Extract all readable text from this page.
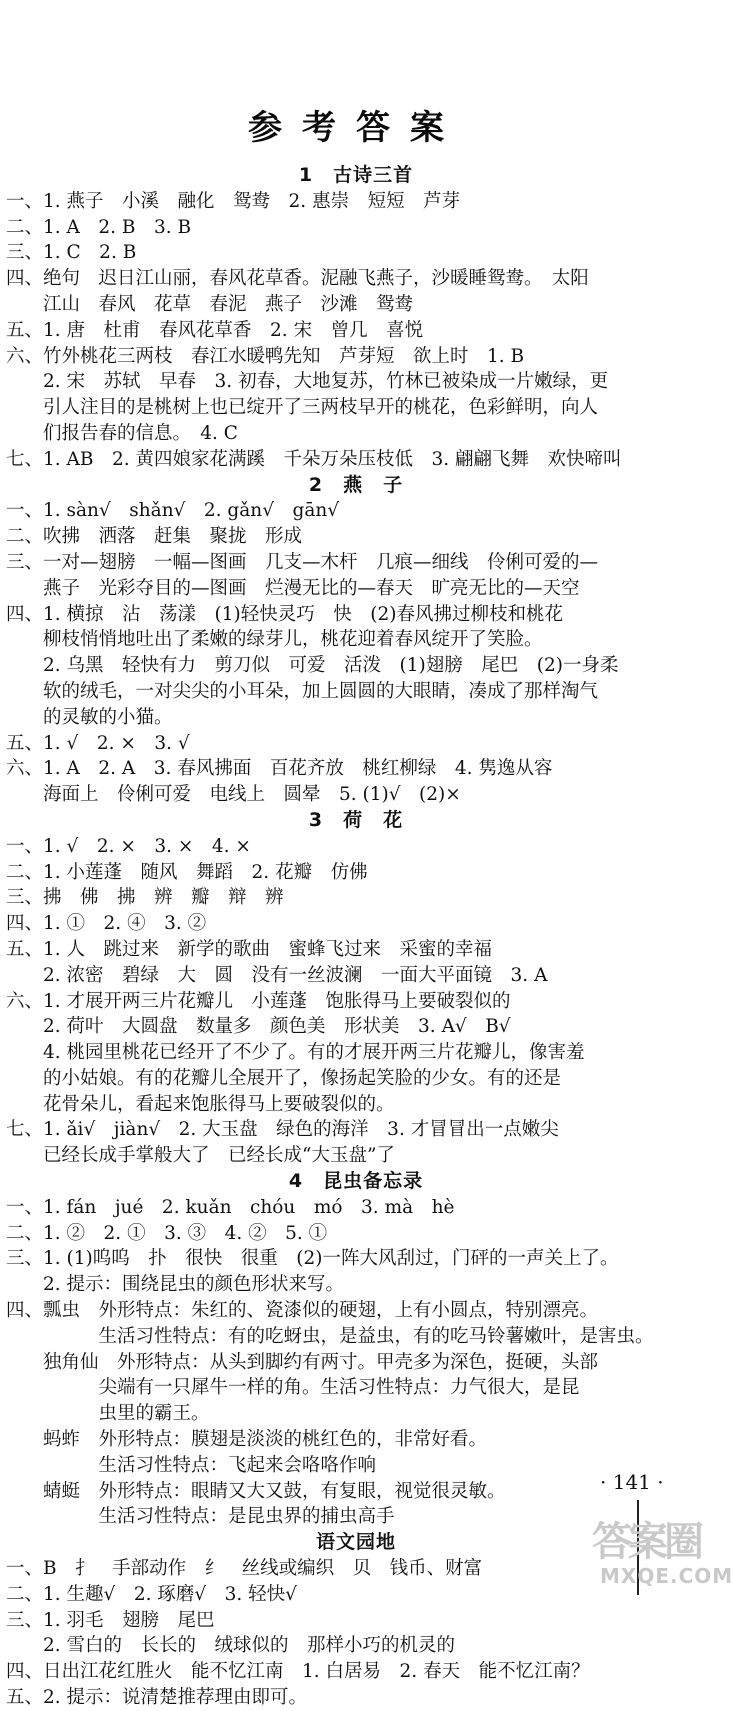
参考答案
1　古诗三首
一、1. 燕子　小溪　融化　鸳鸯　2. 惠崇　短短　芦芽
二、1. A　2. B　3. B
三、1. C　2. B
四、绝句　迟日江山丽，春风花草香。泥融飞燕子，沙暖睡鸳鸯。　太阳
　　江山　春风　花草　春泥　燕子　沙滩　鸳鸯
五、1. 唐　杜甫　春风花草香　2. 宋　曾几　喜悦
六、竹外桃花三两枝　春江水暖鸭先知　芦芽短　欲上时　1. B
　　2. 宋　苏轼　早春　3. 初春，大地复苏，竹林已被染成一片嫩绿，更
　　引人注目的是桃树上也已绽开了三两枝早开的桃花，色彩鲜明，向人
　　们报告春的信息。　4. C
七、1. AB　2. 黄四娘家花满蹊　千朵万朵压枝低　3. 翩翩飞舞　欢快啼叫
2　燕　子
一、1. sàn√　shǎn√　2. gǎn√　gān√
二、吹拂　洒落　赶集　聚拢　形成
三、一对—翅膀　一幅—图画　几支—木杆　几痕—细线　伶俐可爱的—
　　燕子　光彩夺目的—图画　烂漫无比的—春天　旷亮无比的—天空
四、1. 横掠　沾　荡漾　(1)轻快灵巧　快　(2)春风拂过柳枝和桃花
　　柳枝悄悄地吐出了柔嫩的绿芽儿，桃花迎着春风绽开了笑脸。
　　2. 乌黑　轻快有力　剪刀似　可爱　活泼　(1)翅膀　尾巴　(2)一身柔
　　软的绒毛，一对尖尖的小耳朵，加上圆圆的大眼睛，凑成了那样淘气
　　的灵敏的小猫。
五、1. √　2. ×　3. √
六、1. A　2. A　3. 春风拂面　百花齐放　桃红柳绿　4. 隽逸从容
　　海面上　伶俐可爱　电线上　圆晕　5. (1)√　(2)×
3　荷　花
一、1. √　2. ×　3. ×　4. ×
二、1. 小莲蓬　随风　舞蹈　2. 花瓣　仿佛
三、拂　佛　拂　辨　瓣　辩　辨
四、1. ①　2. ④　3. ②
五、1. 人　跳过来　新学的歌曲　蜜蜂飞过来　采蜜的幸福
　　2. 浓密　碧绿　大　圆　没有一丝波澜　一面大平面镜　3. A
六、1. 才展开两三片花瓣儿　小莲蓬　饱胀得马上要破裂似的
　　2. 荷叶　大圆盘　数量多　颜色美　形状美　3. A√　B√
　　4. 桃园里桃花已经开了不少了。有的才展开两三片花瓣儿，像害羞
　　的小姑娘。有的花瓣儿全展开了，像扬起笑脸的少女。有的还是
　　花骨朵儿，看起来饱胀得马上要破裂似的。
七、1. ǎi√　jiàn√　2. 大玉盘　绿色的海洋　3. 才冒冒出一点嫩尖
　　已经长成手掌般大了　已经长成“大玉盘”了
4　昆虫备忘录
一、1. fán　jué　2. kuǎn　chóu　mó　3. mà　hè
二、1. ②　2. ①　3. ③　4. ②　5. ①
三、1. (1)呜呜　扑　很快　很重　(2)一阵大风刮过，门砰的一声关上了。
　　2. 提示：围绕昆虫的颜色形状来写。
四、瓢虫　外形特点：朱红的、瓷漆似的硬翅，上有小圆点，特别漂亮。
　　　　　生活习性特点：有的吃蚜虫，是益虫，有的吃马铃薯嫩叶，是害虫。
　　独角仙　外形特点：从头到脚约有两寸。甲壳多为深色，挺硬，头部
　　　　　尖端有一只犀牛一样的角。生活习性特点：力气很大，是昆
　　　　　虫里的霸王。
　　蚂蚱　外形特点：膜翅是淡淡的桃红色的，非常好看。
　　　　　生活习性特点：飞起来会咯咯作响
　　蜻蜓　外形特点：眼睛又大又鼓，有复眼，视觉很灵敏。
　　　　　生活习性特点：是昆虫界的捕虫高手
语文园地
一、B　扌　手部动作　纟　丝线或编织　贝　钱币、财富
二、1. 生趣√　2. 琢磨√　3. 轻快√
三、1. 羽毛　翅膀　尾巴
　　2. 雪白的　长长的　绒球似的　那样小巧的机灵的
四、日出江花红胜火　能不忆江南　1. 白居易　2. 春天　能不忆江南？
五、2. 提示：说清楚推荐理由即可。
· 141 ·
答案圈
MXQE.COM
